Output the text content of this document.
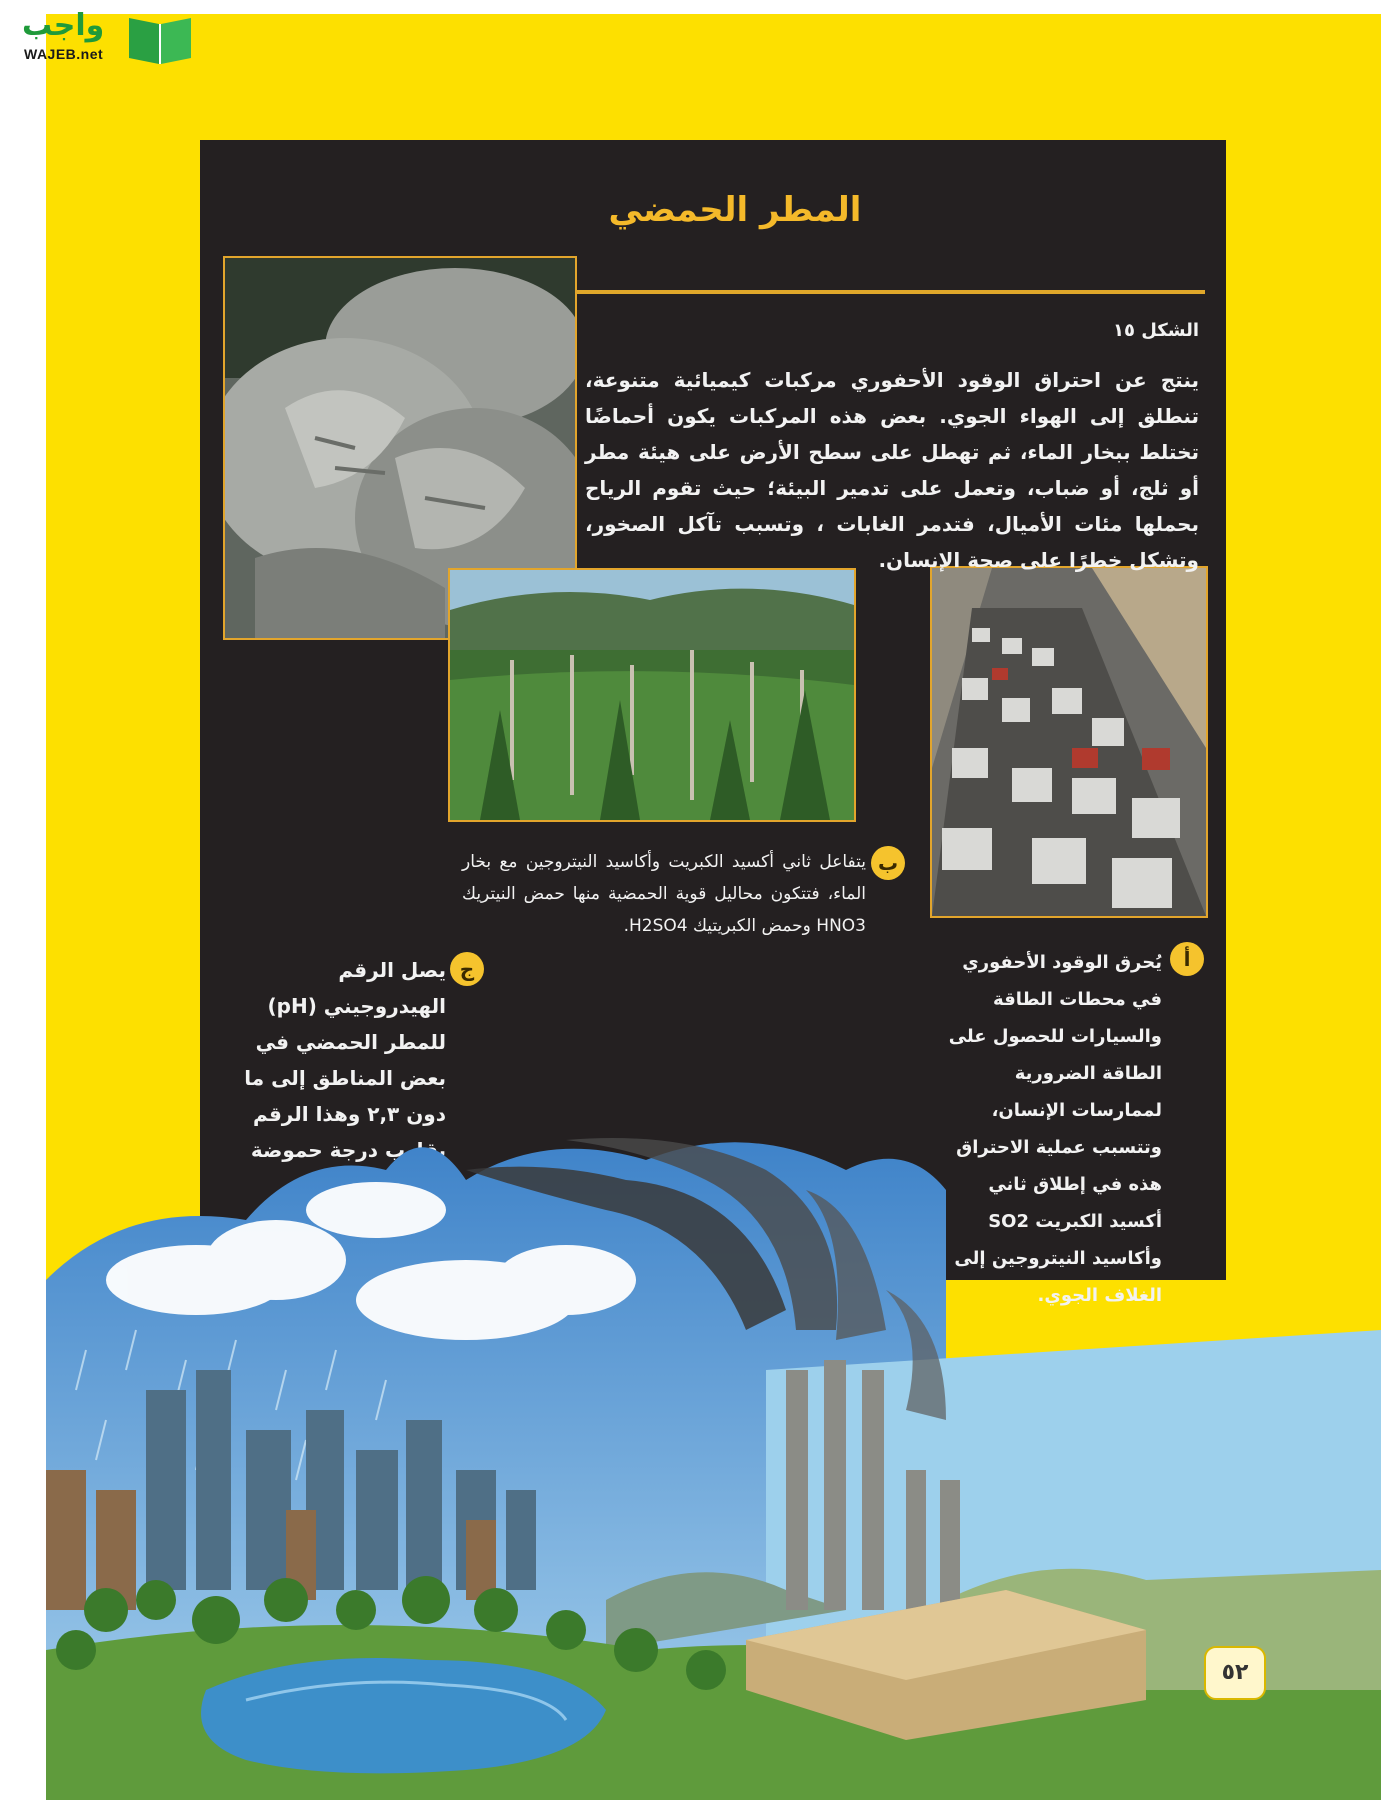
واجب
WAJEB.net
المطر الحمضي
الشكل ١٥
ينتج عن احتراق الوقود الأحفوري مركبات كيميائية متنوعة، تنطلق إلى الهواء الجوي. بعض هذه المركبات يكون أحماضًا تختلط ببخار الماء، ثم تهطل على سطح الأرض على هيئة مطر أو ثلج، أو ضباب، وتعمل على تدمير البيئة؛ حيث تقوم الرياح بحملها مئات الأميال، فتدمر الغابات ، وتسبب تآكل الصخور، وتشكل خطرًا على صحة الإنسان.
ب
يتفاعل ثاني أكسيد الكبريت وأكاسيد النيتروجين مع بخار الماء، فتتكون محاليل قوية الحمضية منها حمض النيتريك HNO3 وحمض الكبريتيك H2SO4.
أ
يُحرق الوقود الأحفوري في محطات الطاقة والسيارات للحصول على الطاقة الضرورية لممارسات الإنسان، وتتسبب عملية الاحتراق هذه في إطلاق ثاني أكسيد الكبريت SO2 وأكاسيد النيتروجين إلى الغلاف الجوي.
ج
يصل الرقم الهيدروجيني (pH) للمطر الحمضي في بعض المناطق إلى ما دون ٢,٣ وهذا الرقم درجة حموضة
٥٢
